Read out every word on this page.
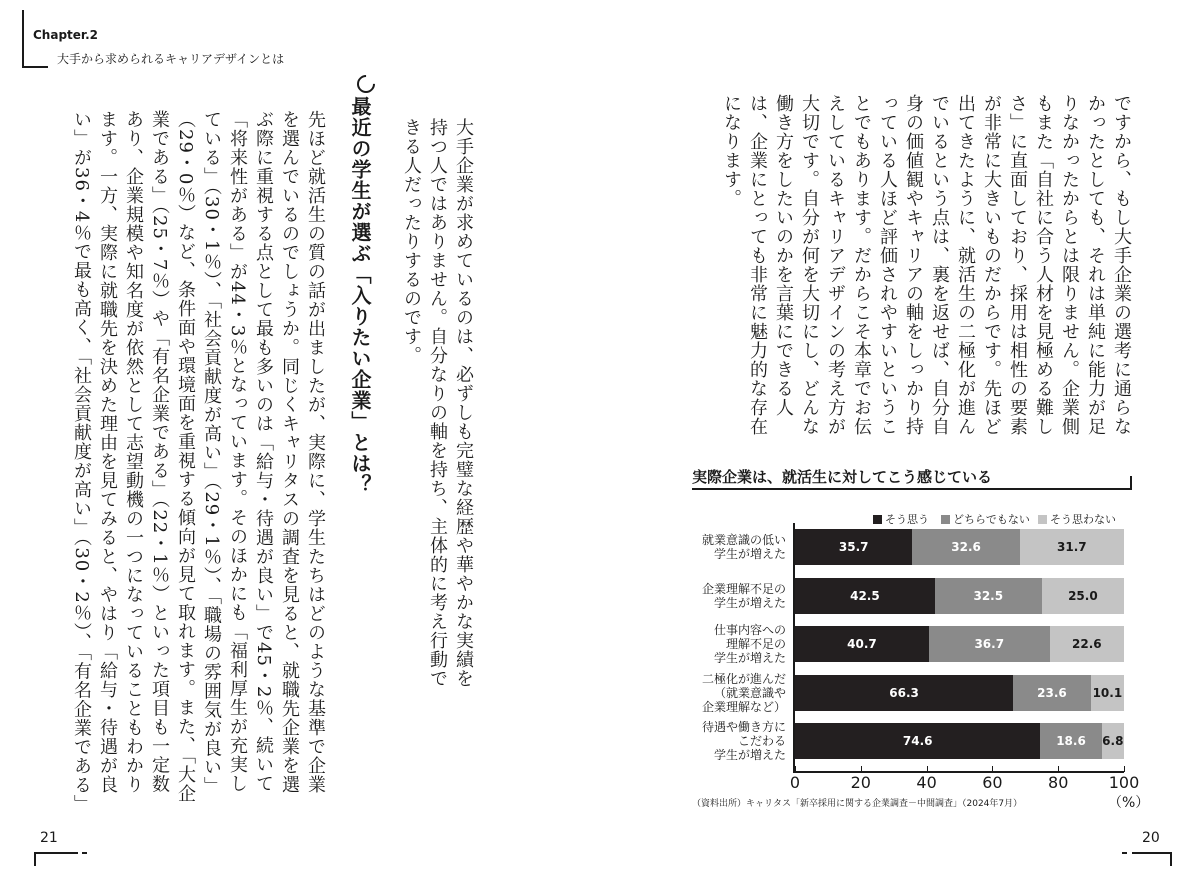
Chapter.2
大手から求められるキャリアデザインとは
大手企業が求めているのは、必ずしも完璧な経歴や華やかな実績を持つ人ではありません。自分なりの軸を持ち、主体的に考え行動できる人だったりするのです。
最近の学生が選ぶ「入りたい企業」とは？
先ほど就活生の質の話が出ましたが、実際に、学生たちはどのような基準で企業を選んでいるのでしょうか。同じくキャリタスの調査を見ると、就職先企業を選ぶ際に重視する点として最も多いのは「給与・待遇が良い」で45・2％、続いて「将来性がある」が44・3％となっています。そのほかにも「福利厚生が充実している」（30・1％）、「社会貢献度が高い」（29・1％）、「職場の雰囲気が良い」（29・0％）など、条件面や環境面を重視する傾向が見て取れます。また、「大企業である」（25・7％）や「有名企業である」（22・1％）といった項目も一定数あり、企業規模や知名度が依然として志望動機の一つになっていることもわかります。一方、実際に就職先を決めた理由を見てみると、やはり「給与・待遇が良い」が36・4％で最も高く、「社会貢献度が高い」（30・2％）、「有名企業である」	ですから、もし大手企業の選考に通らなかったとしても、それは単純に能力が足りなかったからとは限りません。企業側もまた「自社に合う人材を見極める難しさ」に直面しており、採用は相性の要素が非常に大きいものだからです。先ほど出てきたように、就活生の二極化が進んでいるという点は、裏を返せば、自分自身の価値観やキャリアの軸をしっかり持っている人ほど評価されやすいということでもあります。だからこそ本章でお伝えしているキャリアデザインの考え方が大切です。自分が何を大切にし、どんな働き方をしたいのかを言葉にできる人は、企業にとっても非常に魅力的な存在になります。
実際企業は、就活生に対してこう感じている
そう思う	どちらでもない	そう思わない
就業意識の低い
学生が増えた	35.7	32.6	31.7
企業理解不足の
学生が増えた	42.5	32.5	25.0
仕事内容への
理解不足の
学生が増えた
40.7	36.7	22.6
二極化が進んだ
（就業意識や
企業理解など）
66.3	23.6	10.1
待遇や働き方に
こだわる
学生が増えた
74.6	18.6	6.8
0	20	40	60	80	100
（%）
（資料出所）キャリタス「新卒採用に関する企業調査－中間調査」（2024年7月）
21	20
